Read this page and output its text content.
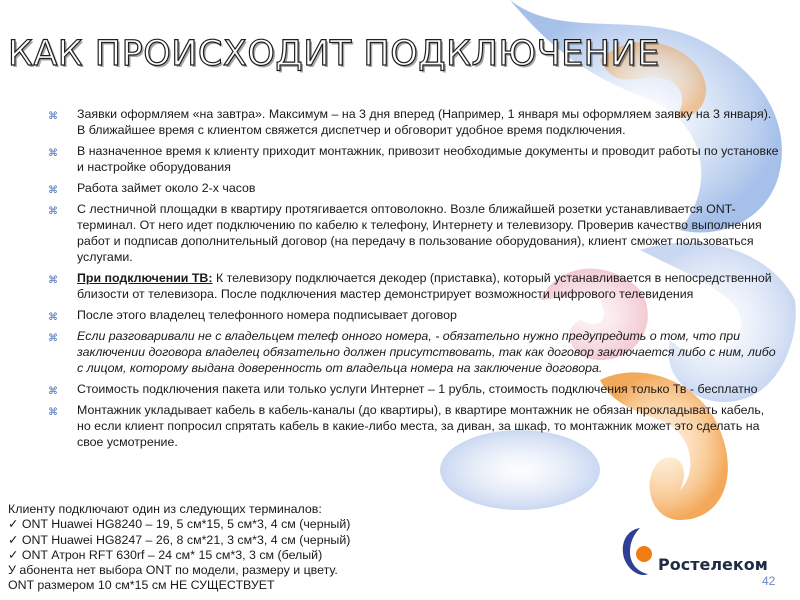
КАК ПРОИСХОДИТ ПОДКЛЮЧЕНИЕ
⌘ Заявки оформляем «на завтра». Максимум – на 3 дня вперед (Например, 1 января мы оформляем заявку на 3 января). В ближайшее время с клиентом свяжется диспетчер и обговорит удобное время подключения.
⌘ В назначенное время к клиенту приходит монтажник, привозит необходимые документы и проводит работы по установке и настройке оборудования
⌘ Работа займет около 2-х часов
⌘ С лестничной площадки в квартиру протягивается оптоволокно. Возле ближайшей розетки устанавливается ONT-терминал. От него идет подключению по кабелю к телефону, Интернету и телевизору. Проверив качество выполнения работ и подписав дополнительный договор (на передачу в пользование оборудования), клиент сможет пользоваться услугами.
⌘ При подключении ТВ: К телевизору подключается декодер (приставка), который устанавливается в непосредственной близости от телевизора. После подключения мастер демонстрирует возможности цифрового телевидения
⌘ После этого владелец телефонного номера подписывает договор
⌘ Если разговаривали не с владельцем телеф онного номера, - обязательно нужно предупредить о том, что при заключении договора владелец обязательно должен присутствовать, так как договор заключается либо с ним, либо с лицом, которому выдана доверенность от владельца номера на заключение договора.
⌘ Стоимость подключения пакета или только услуги Интернет – 1 рубль, стоимость подключения только Тв - бесплатно
⌘ Монтажник укладывает кабель в кабель-каналы (до квартиры), в квартире монтажник не обязан прокладывать кабель, но если клиент попросил спрятать кабель в какие-либо места, за диван, за шкаф, то монтажник может это сделать на свое усмотрение.
Клиенту подключают один из следующих терминалов:
✓ ONT Huawei HG8240 – 19, 5 см*15, 5 см*3, 4 см (черный)
✓ ONT Huawei HG8247 – 26, 8 см*21, 3 см*3, 4 см (черный)
✓ ONT Атрон RFT 630rf – 24 см* 15 см*3, 3 см (белый)
У абонента нет выбора ONT по модели, размеру и цвету.
ONT размером 10 см*15 см НЕ СУЩЕСТВУЕТ
Ростелеком
42
